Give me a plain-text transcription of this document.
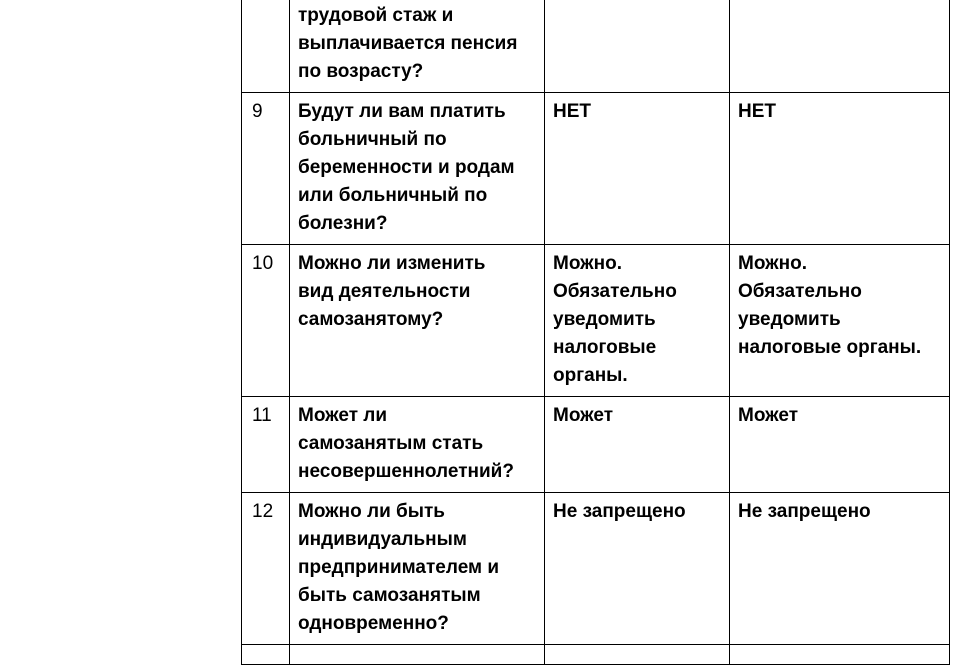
	трудовой стаж и
выплачивается пенсия
по возрасту?		

9	Будут ли вам платить
больничный по
беременности и родам
или больничный по
болезни?	НЕТ	НЕТ

10	Можно ли изменить
вид деятельности
самозанятому?	Можно.
Обязательно
уведомить
налоговые
органы.	Можно.
Обязательно
уведомить
налоговые органы.

11	Может ли
самозанятым стать
несовершеннолетний?	Может	Может

12	Можно ли быть
индивидуальным
предпринимателем и
быть самозанятым
одновременно?	Не запрещено	Не запрещено
